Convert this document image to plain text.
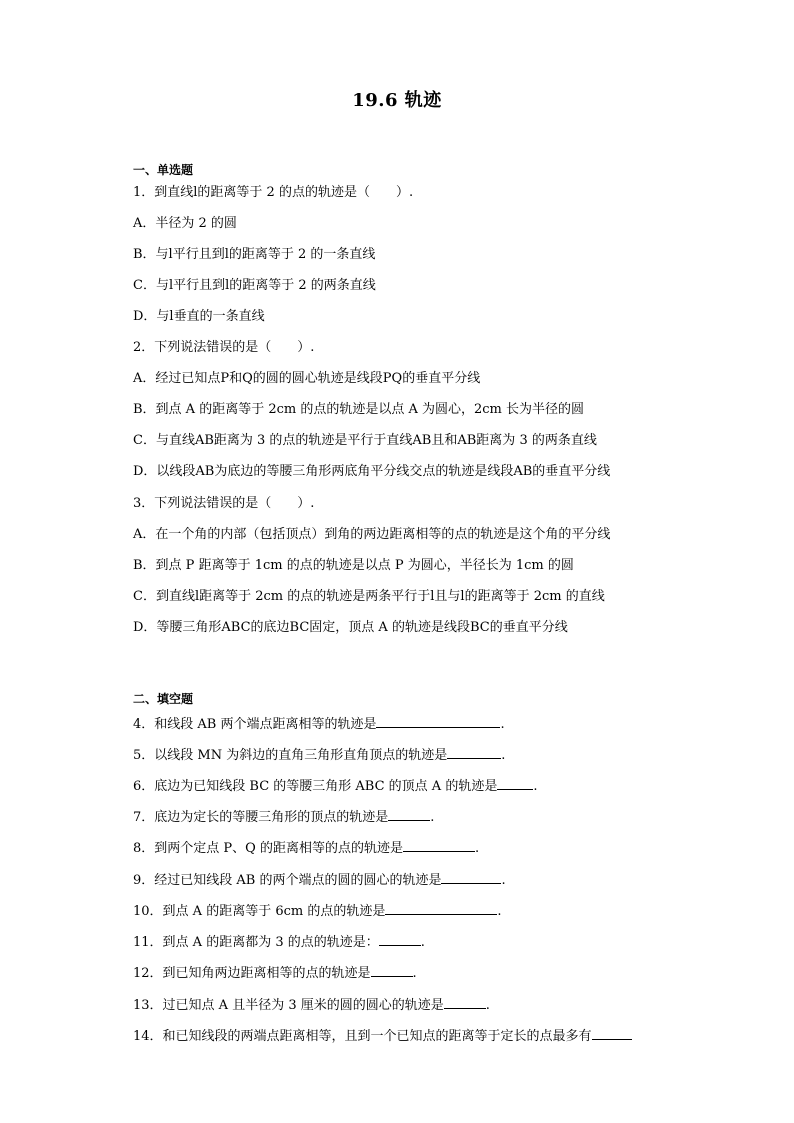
19.6 轨迹
一、单选题
1．到直线l的距离等于 2 的点的轨迹是（　　）.
A．半径为 2 的圆
B．与l平行且到l的距离等于 2 的一条直线
C．与l平行且到l的距离等于 2 的两条直线
D．与l垂直的一条直线
2．下列说法错误的是（　　）.
A．经过已知点P和Q的圆的圆心轨迹是线段PQ的垂直平分线
B．到点 A 的距离等于 2cm 的点的轨迹是以点 A 为圆心，2cm 长为半径的圆
C．与直线AB距离为 3 的点的轨迹是平行于直线AB且和AB距离为 3 的两条直线
D．以线段AB为底边的等腰三角形两底角平分线交点的轨迹是线段AB的垂直平分线
3．下列说法错误的是（　　）.
A．在一个角的内部（包括顶点）到角的两边距离相等的点的轨迹是这个角的平分线
B．到点 P 距离等于 1cm 的点的轨迹是以点 P 为圆心，半径长为 1cm 的圆
C．到直线l距离等于 2cm 的点的轨迹是两条平行于l且与l的距离等于 2cm 的直线
D．等腰三角形ABC的底边BC固定，顶点 A 的轨迹是线段BC的垂直平分线
二、填空题
4．和线段 AB 两个端点距离相等的轨迹是	.
5．以线段 MN 为斜边的直角三角形直角顶点的轨迹是	.
6．底边为已知线段 BC 的等腰三角形 ABC 的顶点 A 的轨迹是	.
7．底边为定长的等腰三角形的顶点的轨迹是	.
8．到两个定点 P、Q 的距离相等的点的轨迹是	.
9．经过已知线段 AB 的两个端点的圆的圆心的轨迹是	.
10．到点 A 的距离等于 6cm 的点的轨迹是	.
11．到点 A 的距离都为 3 的点的轨迹是：	.
12．到已知角两边距离相等的点的轨迹是	.
13．过已知点 A 且半径为 3 厘米的圆的圆心的轨迹是	.
14．和已知线段的两端点距离相等，且到一个已知点的距离等于定长的点最多有
